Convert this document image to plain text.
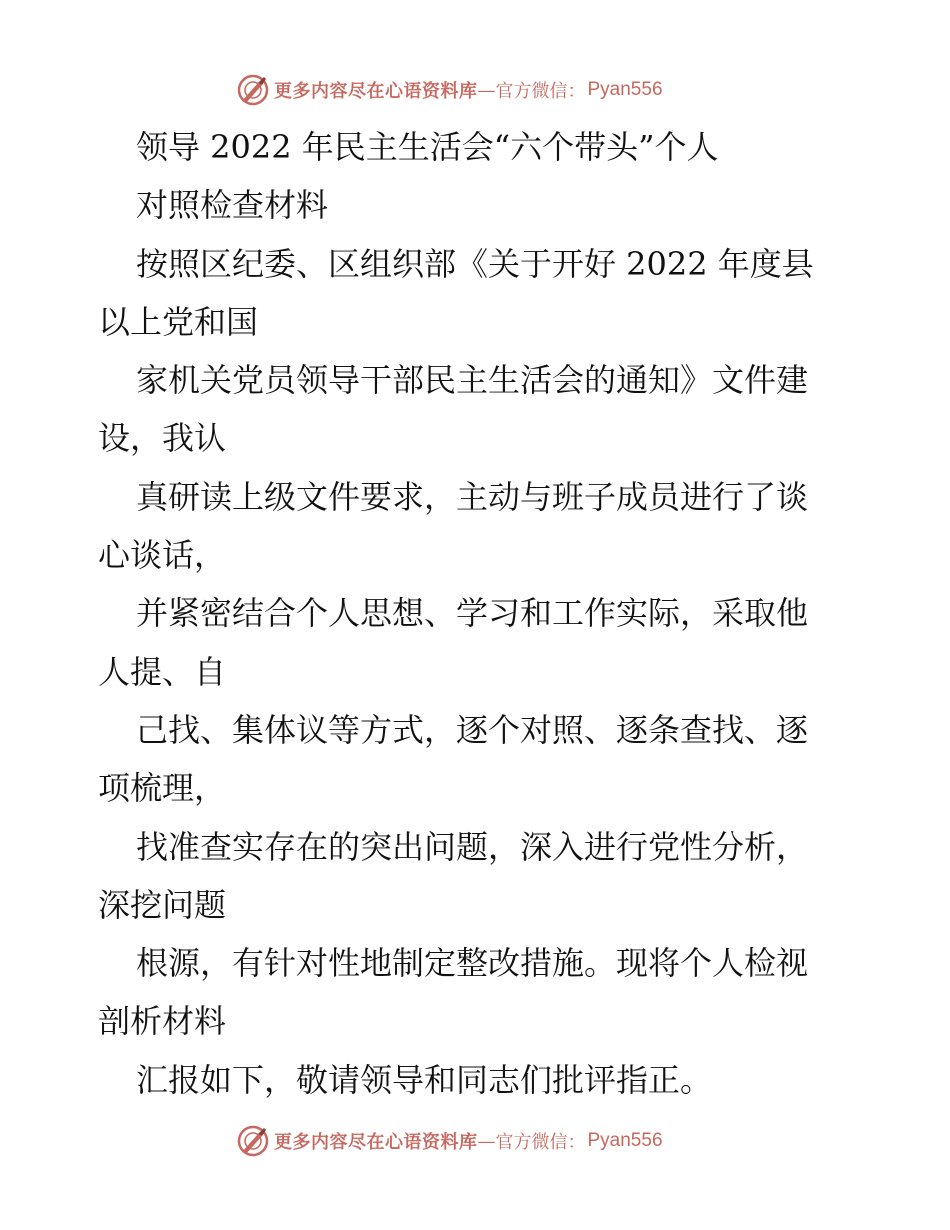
更多内容尽在心语资料库 — 官方微信： Pyan556
领导 2022 年民主生活会“六个带头”个人
对照检查材料
按照区纪委、区组织部《关于开好 2022 年度县
以上党和国
家机关党员领导干部民主生活会的通知》文件建
设，我认
真研读上级文件要求，主动与班子成员进行了谈
心谈话，
并紧密结合个人思想、学习和工作实际，采取他
人提、自
己找、集体议等方式，逐个对照、逐条查找、逐
项梳理，
找准查实存在的突出问题，深入进行党性分析，
深挖问题
根源，有针对性地制定整改措施。现将个人检视
剖析材料
汇报如下，敬请领导和同志们批评指正。
更多内容尽在心语资料库 — 官方微信： Pyan556
